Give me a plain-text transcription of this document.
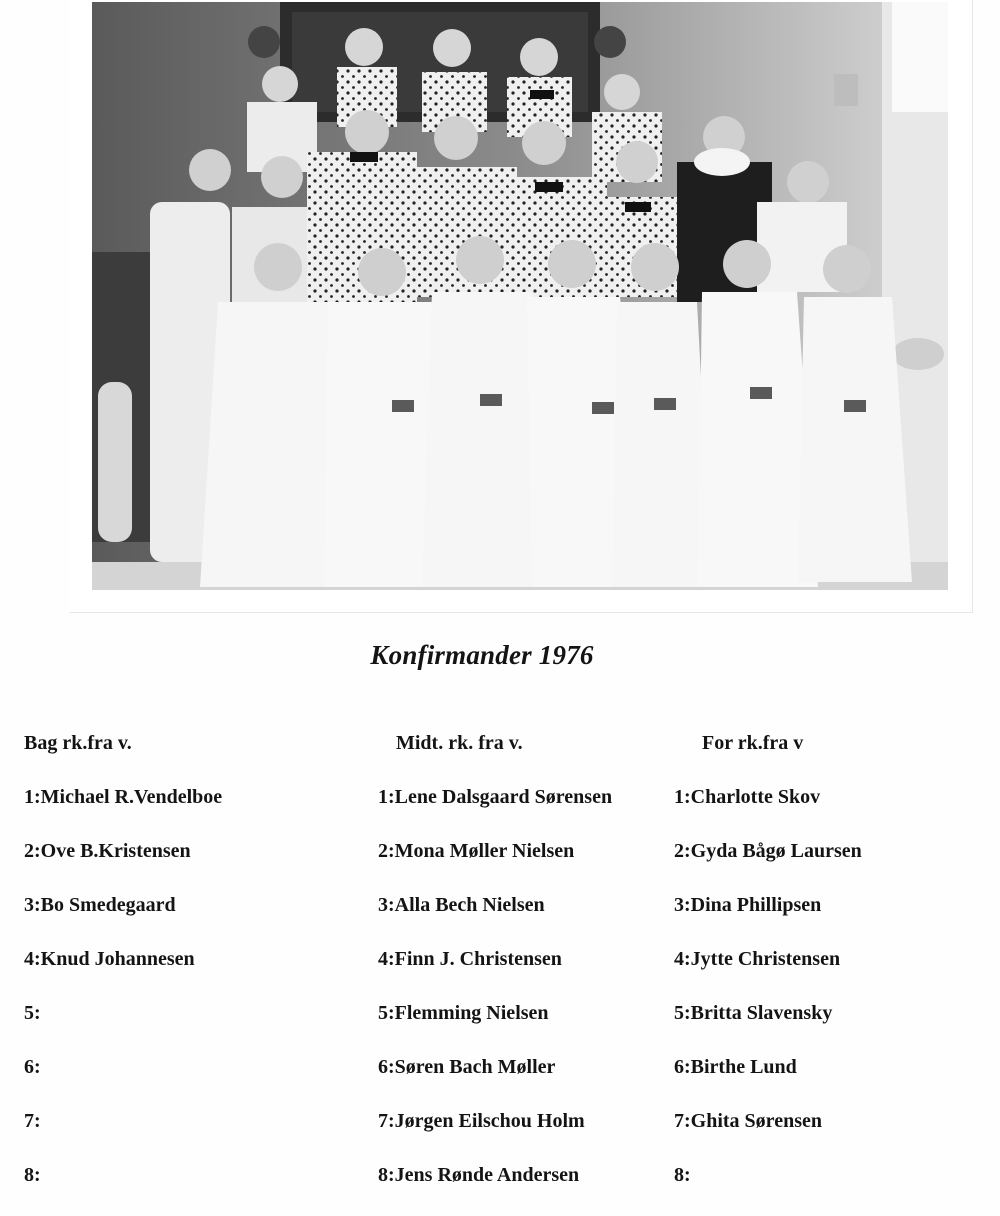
Konfirmander 1976
Bag rk.fra v.
1:Michael R.Vendelboe
2:Ove B.Kristensen
3:Bo Smedegaard
4:Knud Johannesen
5:
6:
7:
8:
Midt. rk. fra v.
1:Lene Dalsgaard Sørensen
2:Mona Møller Nielsen
3:Alla Bech Nielsen
4:Finn J. Christensen
5:Flemming Nielsen
6:Søren Bach Møller
7:Jørgen Eilschou Holm
8:Jens Rønde Andersen
For rk.fra v
1:Charlotte Skov
2:Gyda Bågø Laursen
3:Dina Phillipsen
4:Jytte Christensen
5:Britta Slavensky
6:Birthe Lund
7:Ghita Sørensen
8:
